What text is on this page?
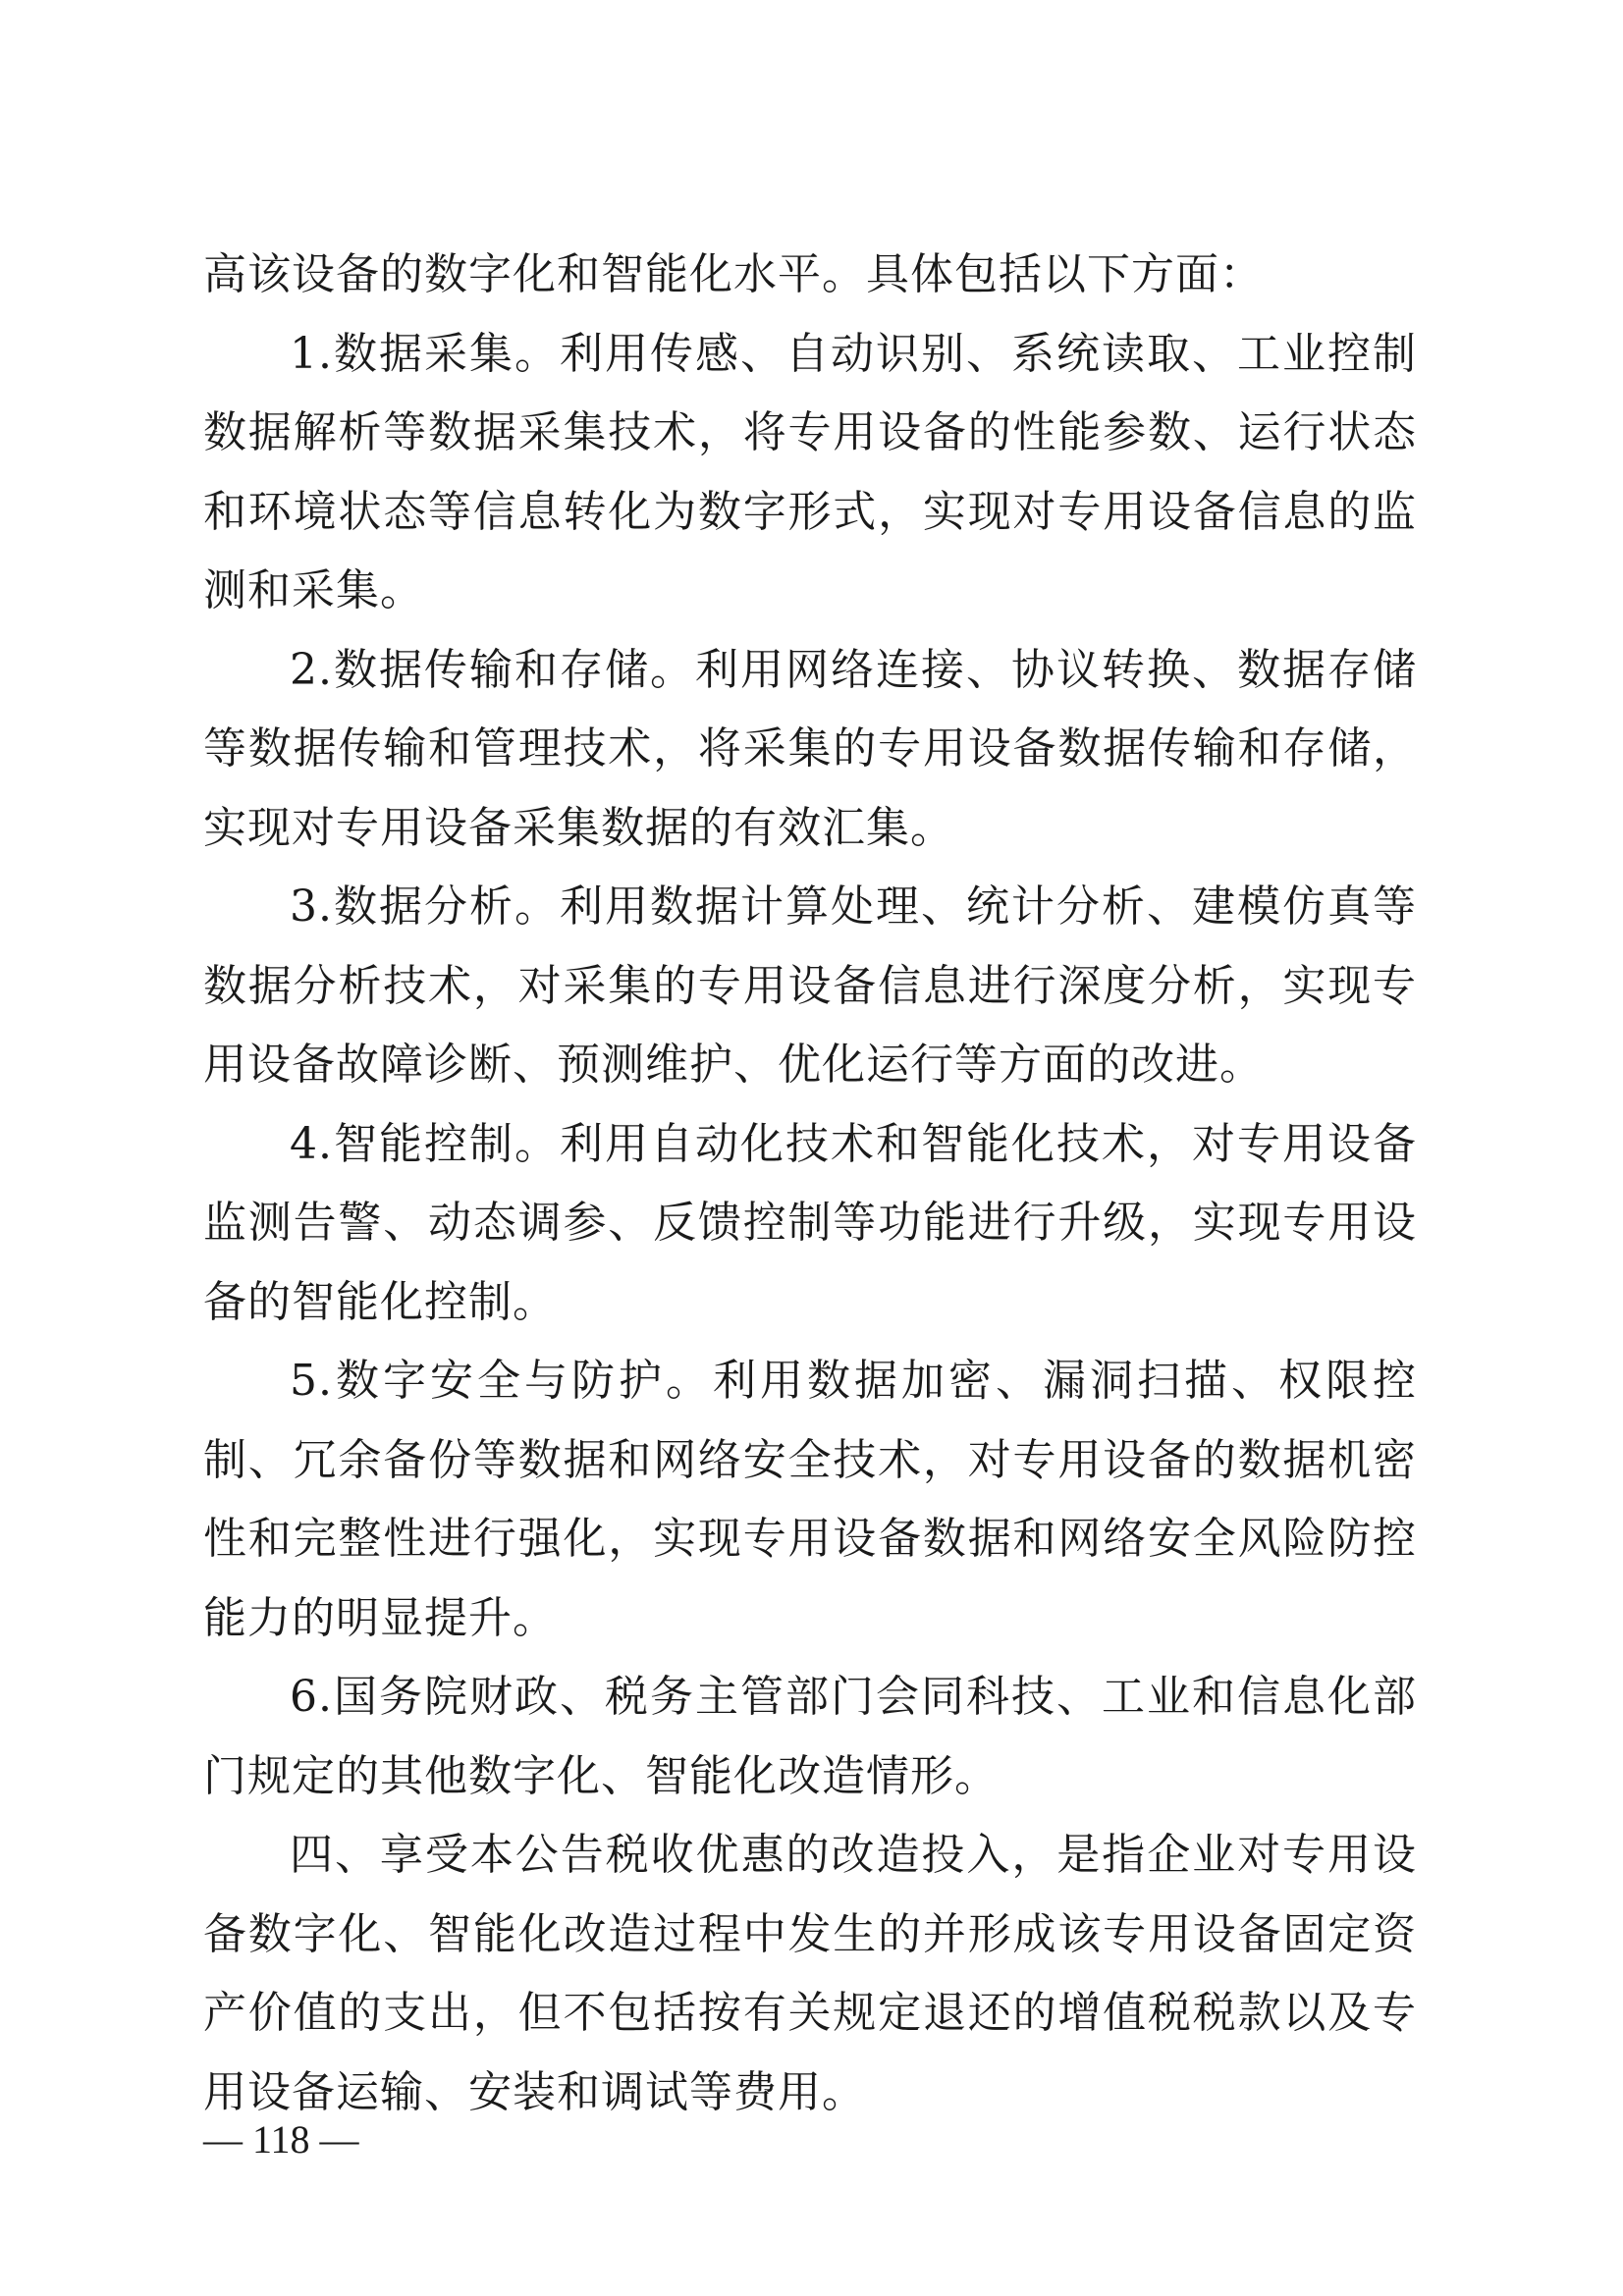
高该设备的数字化和智能化水平。具体包括以下方面：

1.数据采集。利用传感、自动识别、系统读取、工业控制数据解析等数据采集技术，将专用设备的性能参数、运行状态和环境状态等信息转化为数字形式，实现对专用设备信息的监测和采集。

2.数据传输和存储。利用网络连接、协议转换、数据存储等数据传输和管理技术，将采集的专用设备数据传输和存储，实现对专用设备采集数据的有效汇集。

3.数据分析。利用数据计算处理、统计分析、建模仿真等数据分析技术，对采集的专用设备信息进行深度分析，实现专用设备故障诊断、预测维护、优化运行等方面的改进。

4.智能控制。利用自动化技术和智能化技术，对专用设备监测告警、动态调参、反馈控制等功能进行升级，实现专用设备的智能化控制。

5.数字安全与防护。利用数据加密、漏洞扫描、权限控制、冗余备份等数据和网络安全技术，对专用设备的数据机密性和完整性进行强化，实现专用设备数据和网络安全风险防控能力的明显提升。

6.国务院财政、税务主管部门会同科技、工业和信息化部门规定的其他数字化、智能化改造情形。

四、享受本公告税收优惠的改造投入，是指企业对专用设备数字化、智能化改造过程中发生的并形成该专用设备固定资产价值的支出，但不包括按有关规定退还的增值税税款以及专用设备运输、安装和调试等费用。

— 118 —
